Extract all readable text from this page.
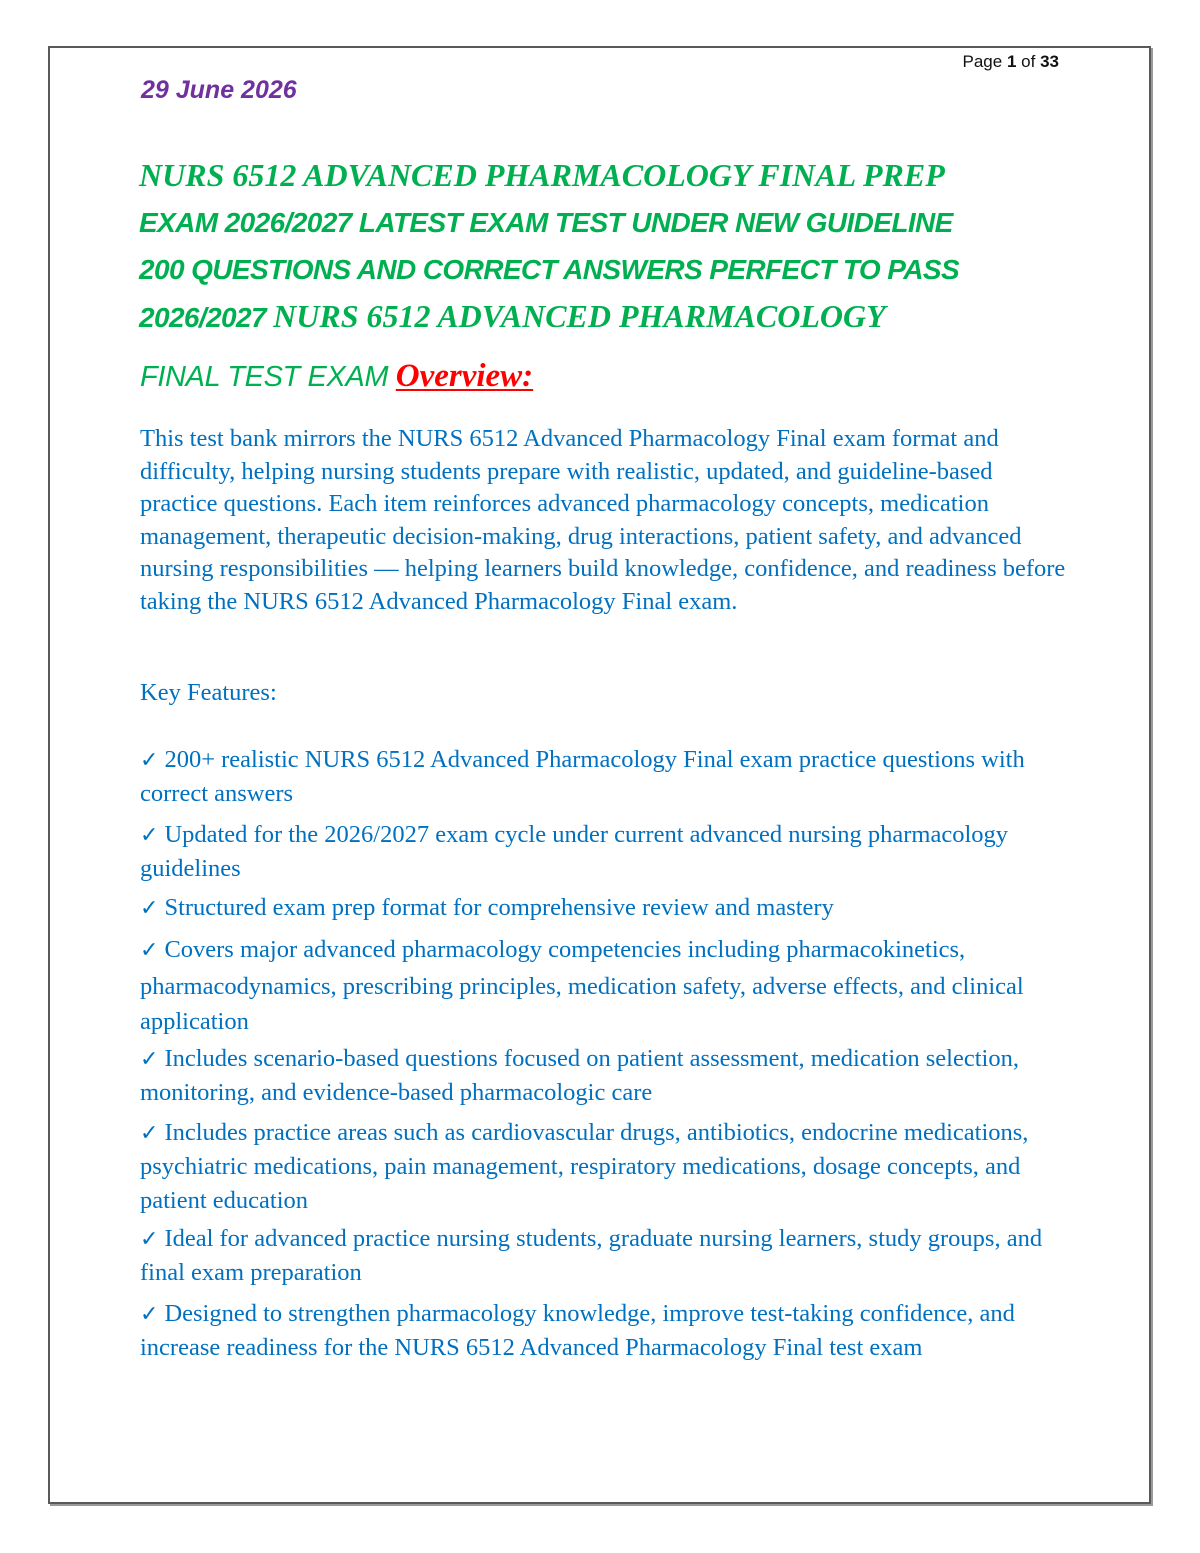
Page 1 of 33
29 June 2026
NURS 6512 ADVANCED PHARMACOLOGY FINAL PREP
EXAM 2026/2027 LATEST EXAM TEST UNDER NEW GUIDELINE
200 QUESTIONS AND CORRECT ANSWERS PERFECT TO PASS
2026/2027 NURS 6512 ADVANCED PHARMACOLOGY
FINAL TEST EXAM Overview:
This test bank mirrors the NURS 6512 Advanced Pharmacology Final exam format and difficulty, helping nursing students prepare with realistic, updated, and guideline-based practice questions. Each item reinforces advanced pharmacology concepts, medication management, therapeutic decision-making, drug interactions, patient safety, and advanced nursing responsibilities — helping learners build knowledge, confidence, and readiness before taking the NURS 6512 Advanced Pharmacology Final exam.
Key Features:
✓ 200+ realistic NURS 6512 Advanced Pharmacology Final exam practice questions with correct answers
✓ Updated for the 2026/2027 exam cycle under current advanced nursing pharmacology guidelines
✓ Structured exam prep format for comprehensive review and mastery
✓ Covers major advanced pharmacology competencies including pharmacokinetics, pharmacodynamics, prescribing principles, medication safety, adverse effects, and clinical application
✓ Includes scenario-based questions focused on patient assessment, medication selection, monitoring, and evidence-based pharmacologic care
✓ Includes practice areas such as cardiovascular drugs, antibiotics, endocrine medications, psychiatric medications, pain management, respiratory medications, dosage concepts, and patient education
✓ Ideal for advanced practice nursing students, graduate nursing learners, study groups, and final exam preparation
✓ Designed to strengthen pharmacology knowledge, improve test-taking confidence, and increase readiness for the NURS 6512 Advanced Pharmacology Final test exam
